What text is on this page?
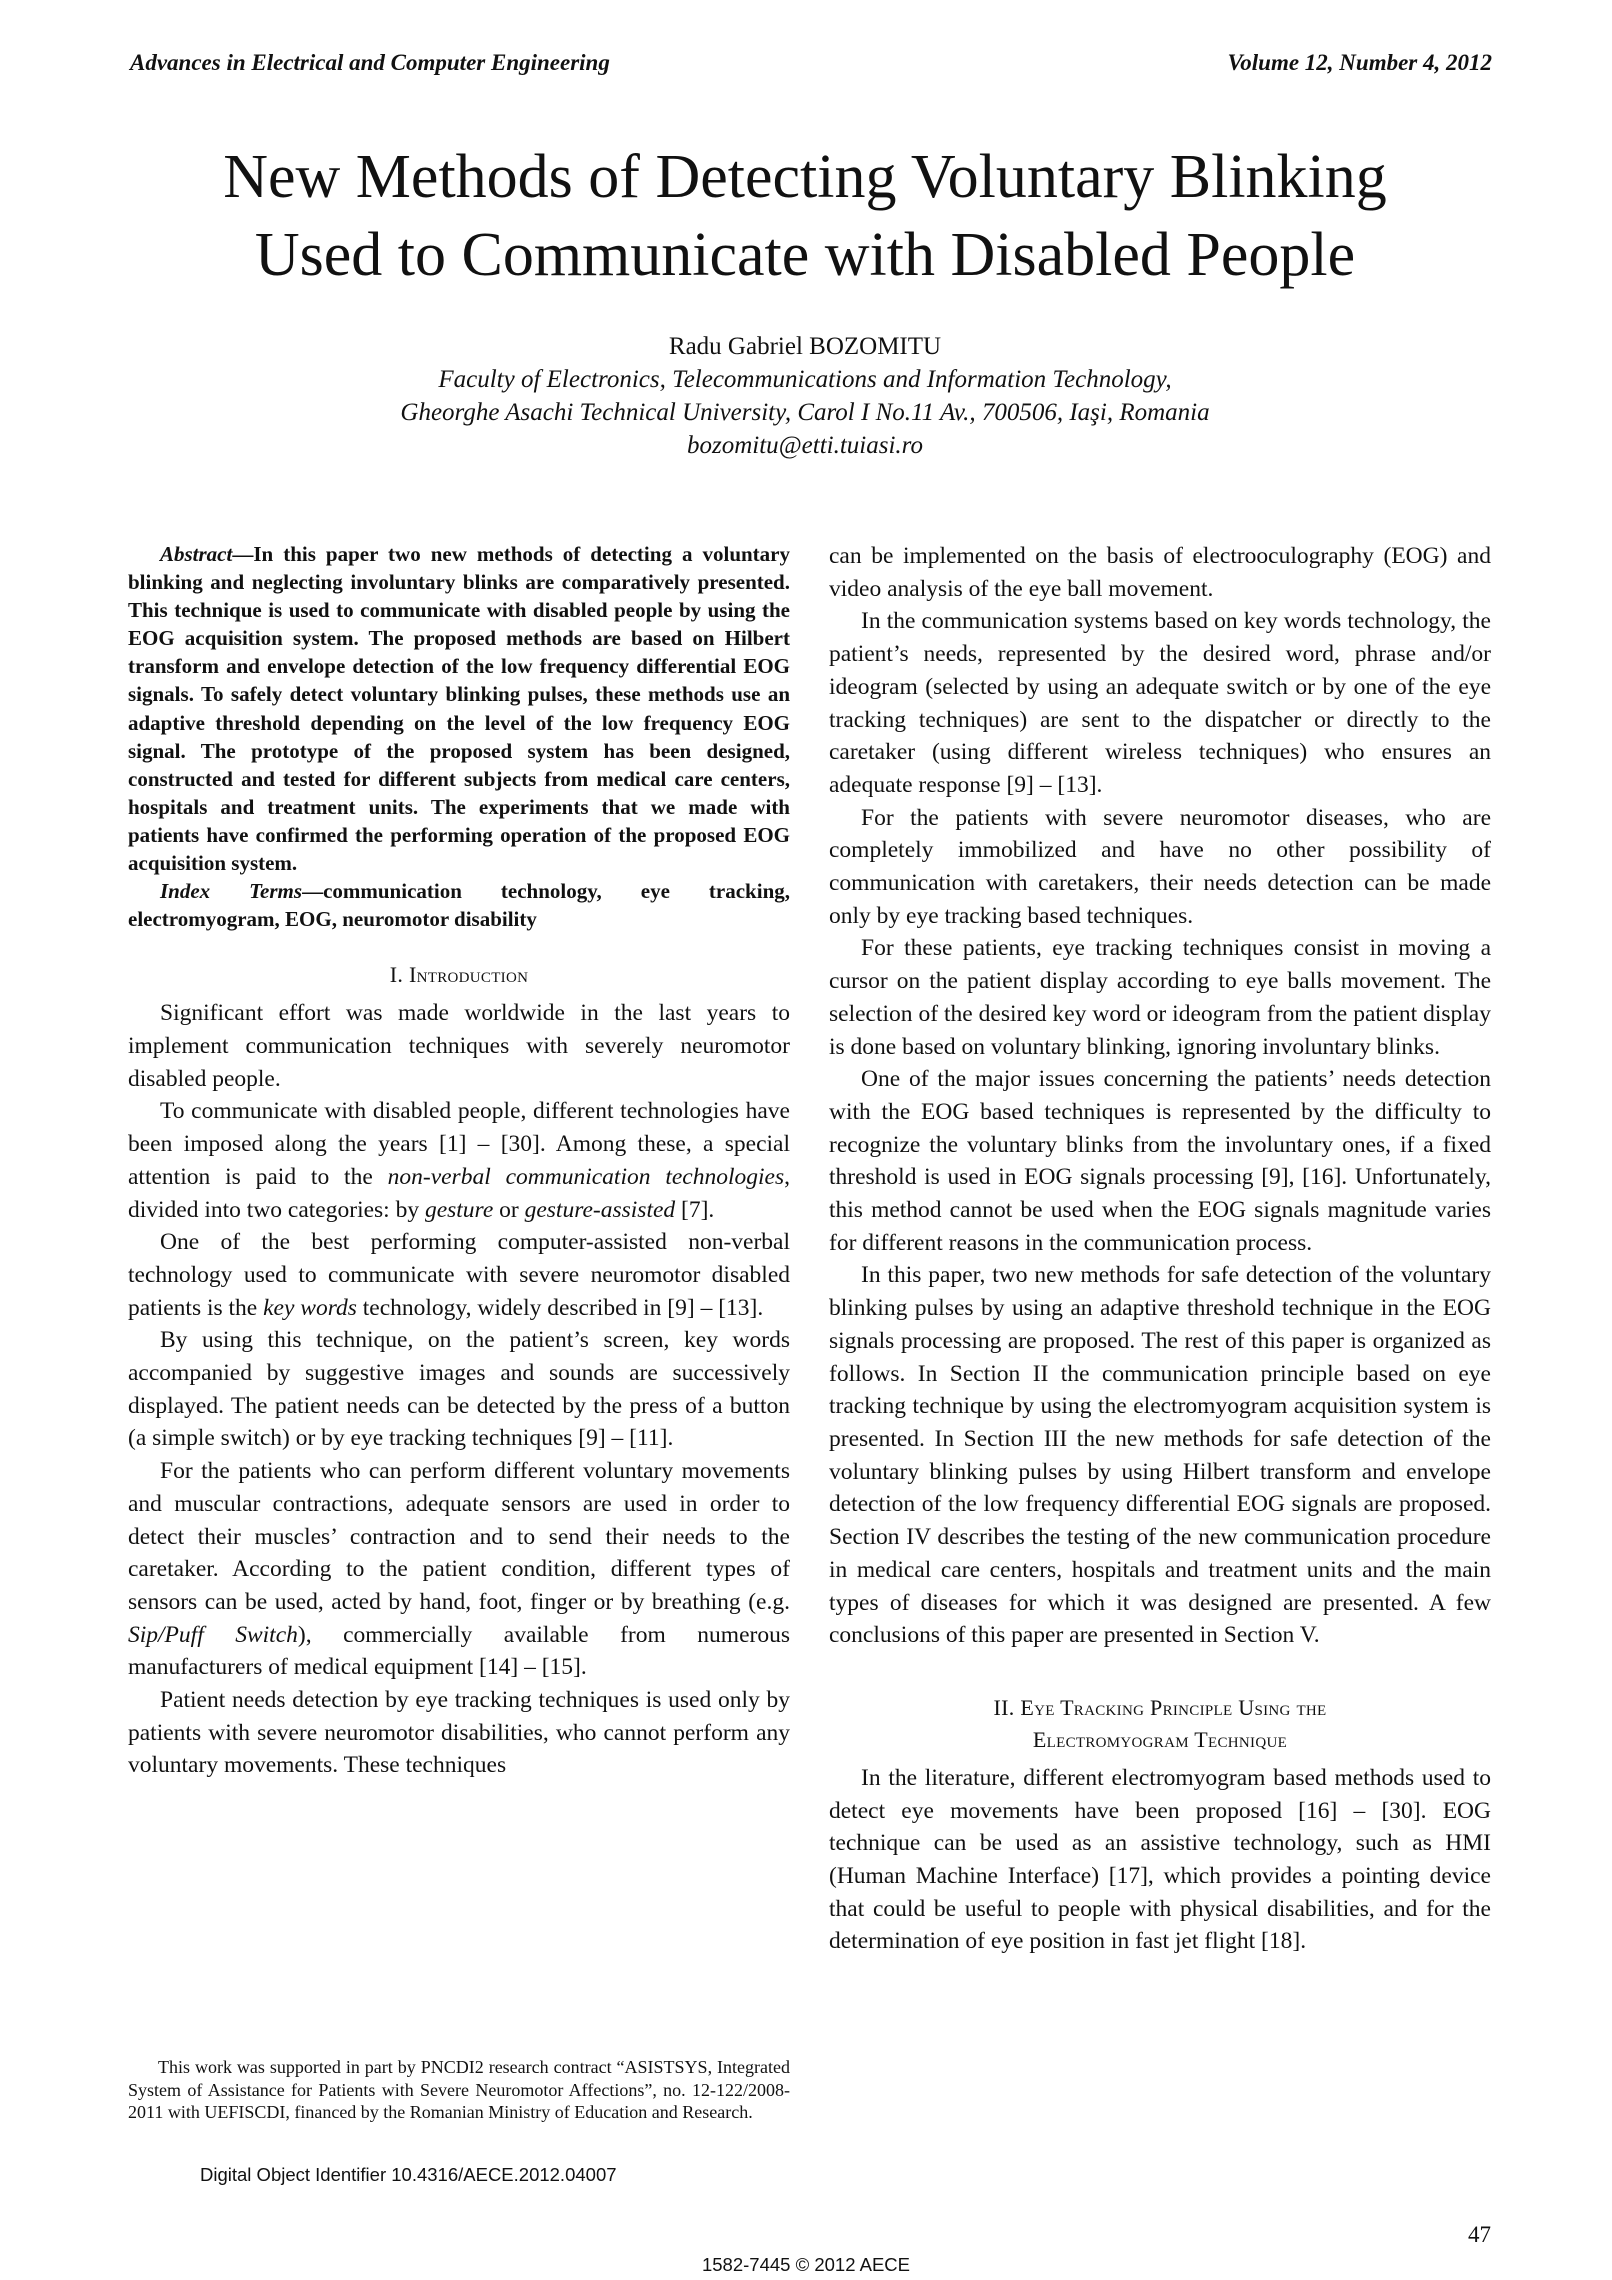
Advances in Electrical and Computer Engineering	Volume 12, Number 4, 2012
New Methods of Detecting Voluntary Blinking
Used to Communicate with Disabled People
Radu Gabriel BOZOMITU
Faculty of Electronics, Telecommunications and Information Technology,
Gheorghe Asachi Technical University, Carol I No.11 Av., 700506, Iaşi, Romania
bozomitu@etti.tuiasi.ro

Abstract—In this paper two new methods of detecting a voluntary blinking and neglecting involuntary blinks are comparatively presented. This technique is used to communicate with disabled people by using the EOG acquisition system. The proposed methods are based on Hilbert transform and envelope detection of the low frequency differential EOG signals. To safely detect voluntary blinking pulses, these methods use an adaptive threshold depending on the level of the low frequency EOG signal. The prototype of the proposed system has been designed, constructed and tested for different subjects from medical care centers, hospitals and treatment units. The experiments that we made with patients have confirmed the performing operation of the proposed EOG acquisition system.

Index Terms—communication technology, eye tracking, electromyogram, EOG, neuromotor disability

I. Introduction

Significant effort was made worldwide in the last years to implement communication techniques with severely neuromotor disabled people.

To communicate with disabled people, different technologies have been imposed along the years [1] – [30]. Among these, a special attention is paid to the non-verbal communication technologies, divided into two categories: by gesture or gesture-assisted [7].

One of the best performing computer-assisted non-verbal technology used to communicate with severe neuromotor disabled patients is the key words technology, widely described in [9] – [13].

By using this technique, on the patient’s screen, key words accompanied by suggestive images and sounds are successively displayed. The patient needs can be detected by the press of a button (a simple switch) or by eye tracking techniques [9] – [11].

For the patients who can perform different voluntary movements and muscular contractions, adequate sensors are used in order to detect their muscles’ contraction and to send their needs to the caretaker. According to the patient condition, different types of sensors can be used, acted by hand, foot, finger or by breathing (e.g. Sip/Puff Switch), commercially available from numerous manufacturers of medical equipment [14] – [15].

Patient needs detection by eye tracking techniques is used only by patients with severe neuromotor disabilities, who cannot perform any voluntary movements. These techniques

can be implemented on the basis of electrooculography (EOG) and video analysis of the eye ball movement.

In the communication systems based on key words technology, the patient’s needs, represented by the desired word, phrase and/or ideogram (selected by using an adequate switch or by one of the eye tracking techniques) are sent to the dispatcher or directly to the caretaker (using different wireless techniques) who ensures an adequate response [9] – [13].

For the patients with severe neuromotor diseases, who are completely immobilized and have no other possibility of communication with caretakers, their needs detection can be made only by eye tracking based techniques.

For these patients, eye tracking techniques consist in moving a cursor on the patient display according to eye balls movement. The selection of the desired key word or ideogram from the patient display is done based on voluntary blinking, ignoring involuntary blinks.

One of the major issues concerning the patients’ needs detection with the EOG based techniques is represented by the difficulty to recognize the voluntary blinks from the involuntary ones, if a fixed threshold is used in EOG signals processing [9], [16]. Unfortunately, this method cannot be used when the EOG signals magnitude varies for different reasons in the communication process.

In this paper, two new methods for safe detection of the voluntary blinking pulses by using an adaptive threshold technique in the EOG signals processing are proposed. The rest of this paper is organized as follows. In Section II the communication principle based on eye tracking technique by using the electromyogram acquisition system is presented. In Section III the new methods for safe detection of the voluntary blinking pulses by using Hilbert transform and envelope detection of the low frequency differential EOG signals are proposed. Section IV describes the testing of the new communication procedure in medical care centers, hospitals and treatment units and the main types of diseases for which it was designed are presented. A few conclusions of this paper are presented in Section V.

II. Eye Tracking Principle Using the
Electromyogram Technique

In the literature, different electromyogram based methods used to detect eye movements have been proposed [16] – [30]. EOG technique can be used as an assistive technology, such as HMI (Human Machine Interface) [17], which provides a pointing device that could be useful to people with physical disabilities, and for the determination of eye position in fast jet flight [18].

This work was supported in part by PNCDI2 research contract “ASISTSYS, Integrated System of Assistance for Patients with Severe Neuromotor Affections”, no. 12-122/2008-2011 with UEFISCDI, financed by the Romanian Ministry of Education and Research.
Digital Object Identifier 10.4316/AECE.2012.04007
47
1582-7445 © 2012 AECE
